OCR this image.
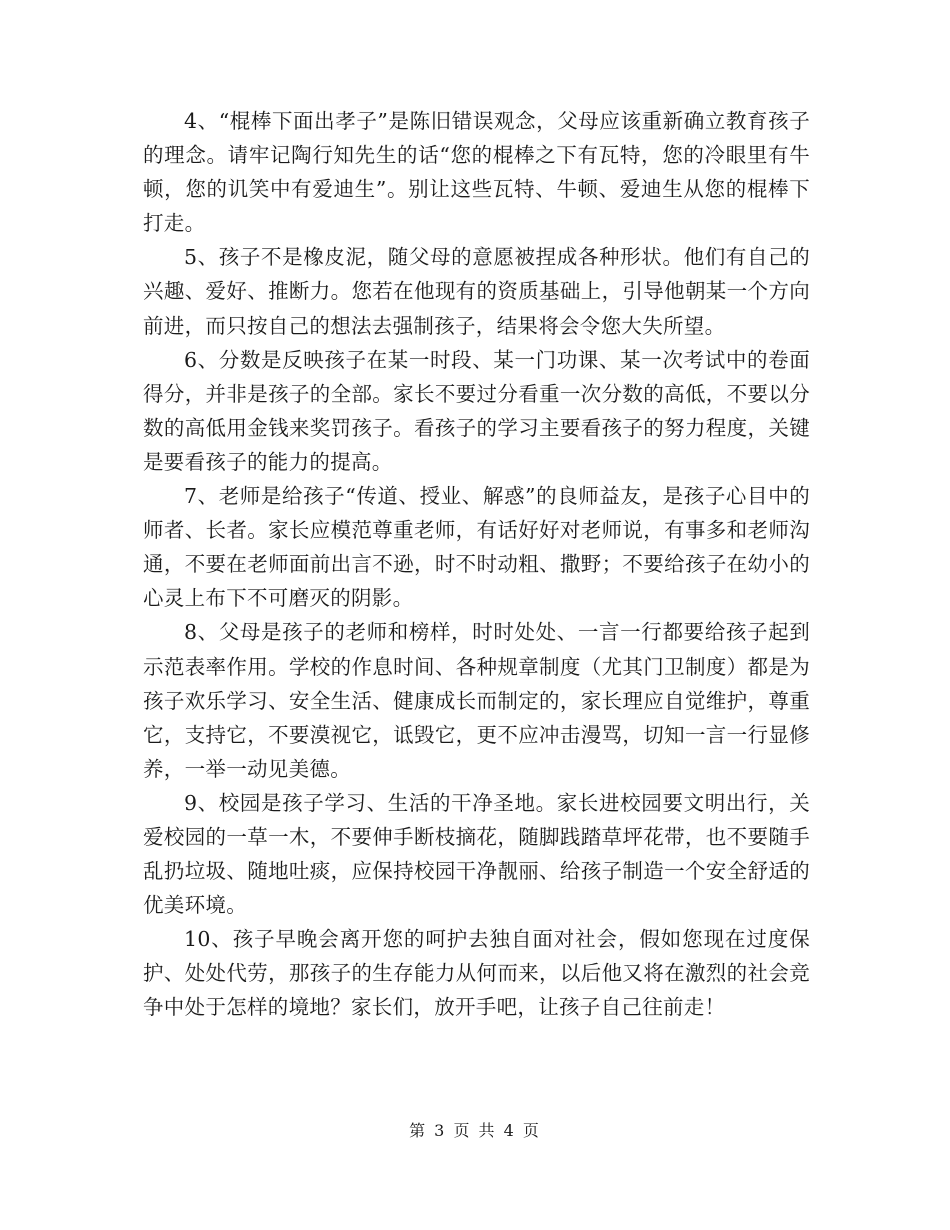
4、“棍棒下面出孝子”是陈旧错误观念，父母应该重新确立教育孩子的理念。请牢记陶行知先生的话“您的棍棒之下有瓦特，您的冷眼里有牛顿，您的讥笑中有爱迪生”。别让这些瓦特、牛顿、爱迪生从您的棍棒下打走。

5、孩子不是橡皮泥，随父母的意愿被捏成各种形状。他们有自己的兴趣、爱好、推断力。您若在他现有的资质基础上，引导他朝某一个方向前进，而只按自己的想法去强制孩子，结果将会令您大失所望。

6、分数是反映孩子在某一时段、某一门功课、某一次考试中的卷面得分，并非是孩子的全部。家长不要过分看重一次分数的高低，不要以分数的高低用金钱来奖罚孩子。看孩子的学习主要看孩子的努力程度，关键是要看孩子的能力的提高。

7、老师是给孩子“传道、授业、解惑”的良师益友，是孩子心目中的师者、长者。家长应模范尊重老师，有话好好对老师说，有事多和老师沟通，不要在老师面前出言不逊，时不时动粗、撒野；不要给孩子在幼小的心灵上布下不可磨灭的阴影。

8、父母是孩子的老师和榜样，时时处处、一言一行都要给孩子起到示范表率作用。学校的作息时间、各种规章制度（尤其门卫制度）都是为孩子欢乐学习、安全生活、健康成长而制定的，家长理应自觉维护，尊重它，支持它，不要漠视它，诋毁它，更不应冲击漫骂，切知一言一行显修养，一举一动见美德。

9、校园是孩子学习、生活的干净圣地。家长进校园要文明出行，关爱校园的一草一木，不要伸手断枝摘花，随脚践踏草坪花带，也不要随手乱扔垃圾、随地吐痰，应保持校园干净靓丽、给孩子制造一个安全舒适的优美环境。

10、孩子早晚会离开您的呵护去独自面对社会，假如您现在过度保护、处处代劳，那孩子的生存能力从何而来，以后他又将在激烈的社会竞争中处于怎样的境地？家长们，放开手吧，让孩子自己往前走！

第 3 页 共 4 页
